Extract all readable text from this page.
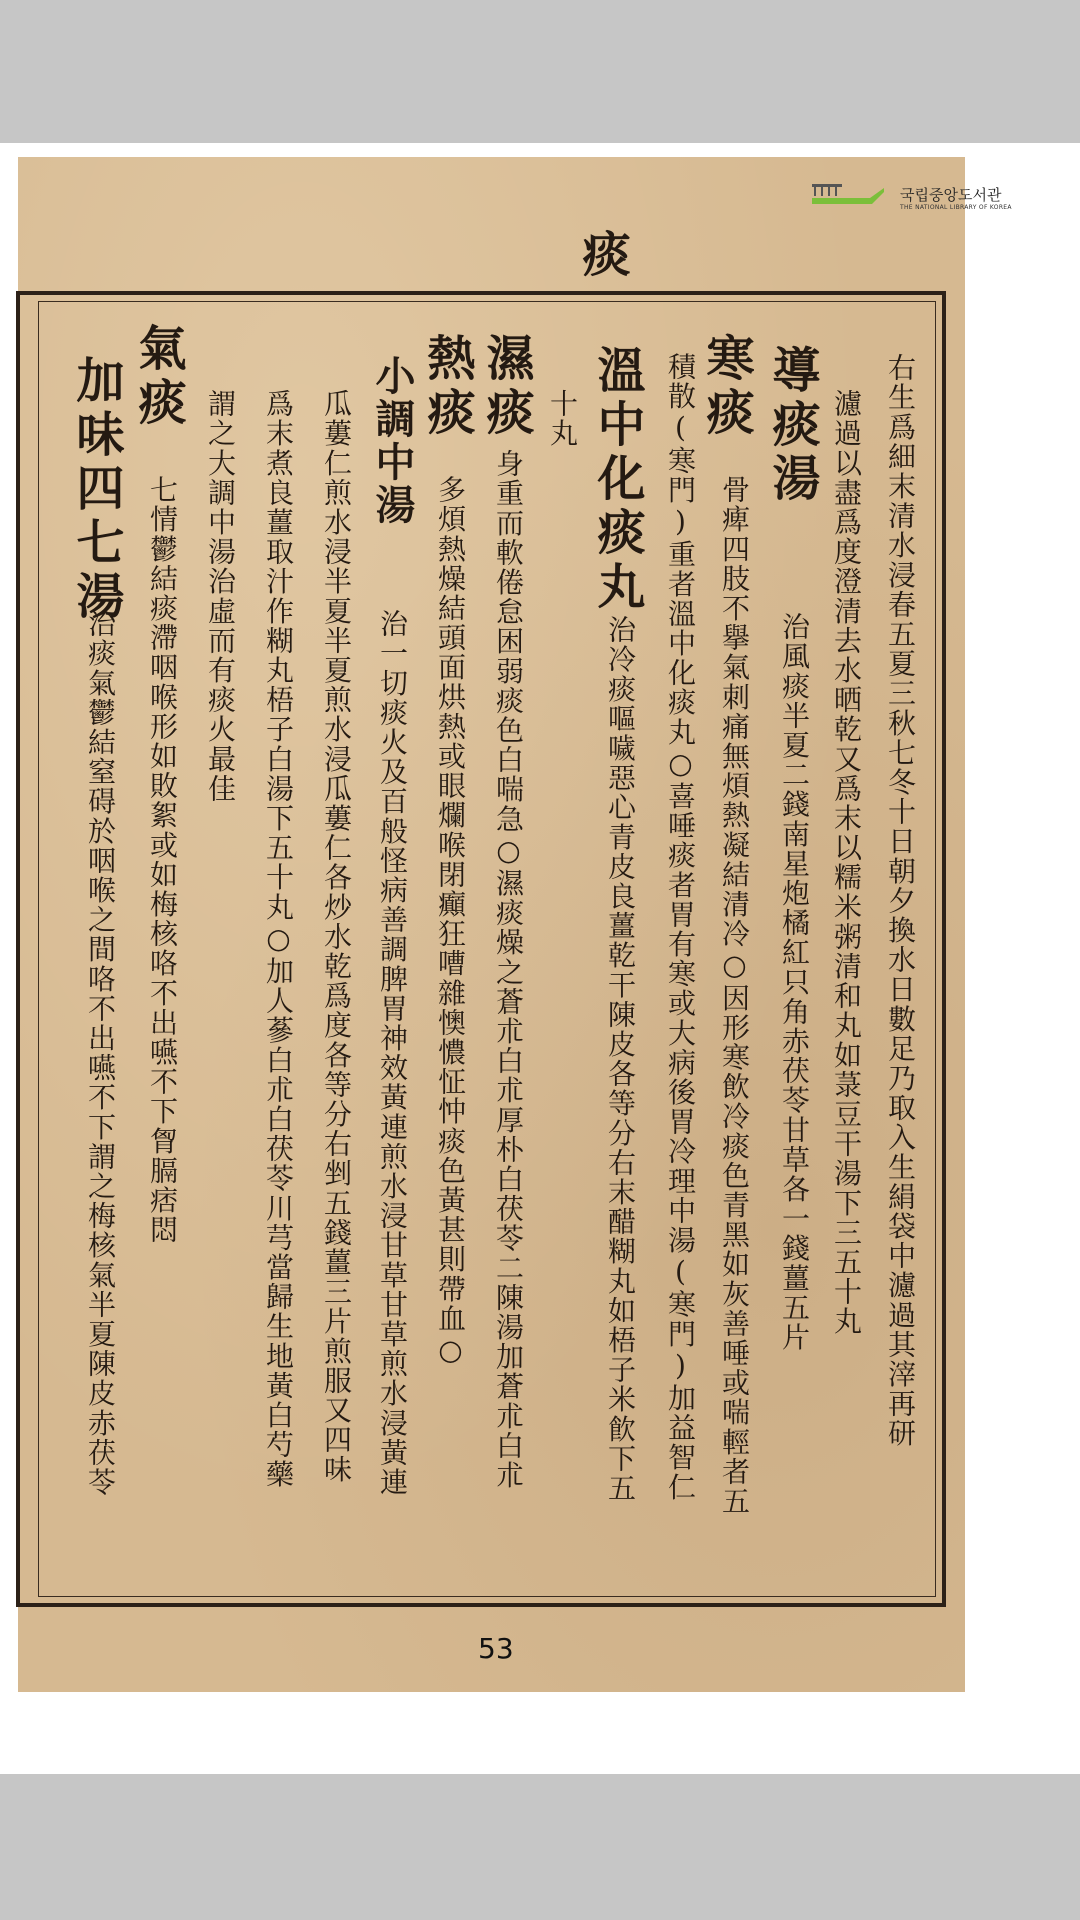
국립중앙도서관
THE NATIONAL LIBRARY OF KOREA
痰
右生爲細末清水浸春五夏三秋七冬十日朝夕換水日數足乃取入生絹袋中濾過其滓再研
濾過以盡爲度澄清去水晒乾又爲末以糯米粥清和丸如菉豆干湯下三五十丸
導痰湯
治風痰半夏二錢南星炮橘紅只角赤茯苓甘草各一錢薑五片
寒痰
骨痺四肢不擧氣刺痛無煩熱凝結清冷○因形寒飲冷痰色青黑如灰善唾或喘輕者五
積散(寒門)重者溫中化痰丸○喜唾痰者胃有寒或大病後胃冷理中湯(寒門)加益智仁
溫中化痰丸
治冷痰嘔噦惡心青皮良薑乾干陳皮各等分右末醋糊丸如梧子米飮下五
十丸
濕痰
身重而軟倦怠困弱痰色白喘急○濕痰燥之蒼朮白朮厚朴白茯苓二陳湯加蒼朮白朮
熱痰
多煩熱燥結頭面烘熱或眼爛喉閉癲狂嘈雜懊憹怔忡痰色黃甚則帶血○
小調中湯
治一切痰火及百般怪病善調脾胃神效黃連煎水浸甘草甘草煎水浸黃連
瓜蔞仁煎水浸半夏半夏煎水浸瓜蔞仁各炒水乾爲度各等分右剉五錢薑三片煎服又四味
爲末煮良薑取汁作糊丸梧子白湯下五十丸○加人蔘白朮白茯苓川芎當歸生地黃白芍藥
謂之大調中湯治虛而有痰火最佳
氣痰
七情鬱結痰滯咽喉形如敗絮或如梅核咯不出嚥不下胷膈痞悶
加味四七湯
治痰氣鬱結窒碍於咽喉之間咯不出嚥不下謂之梅核氣半夏陳皮赤茯苓
53
